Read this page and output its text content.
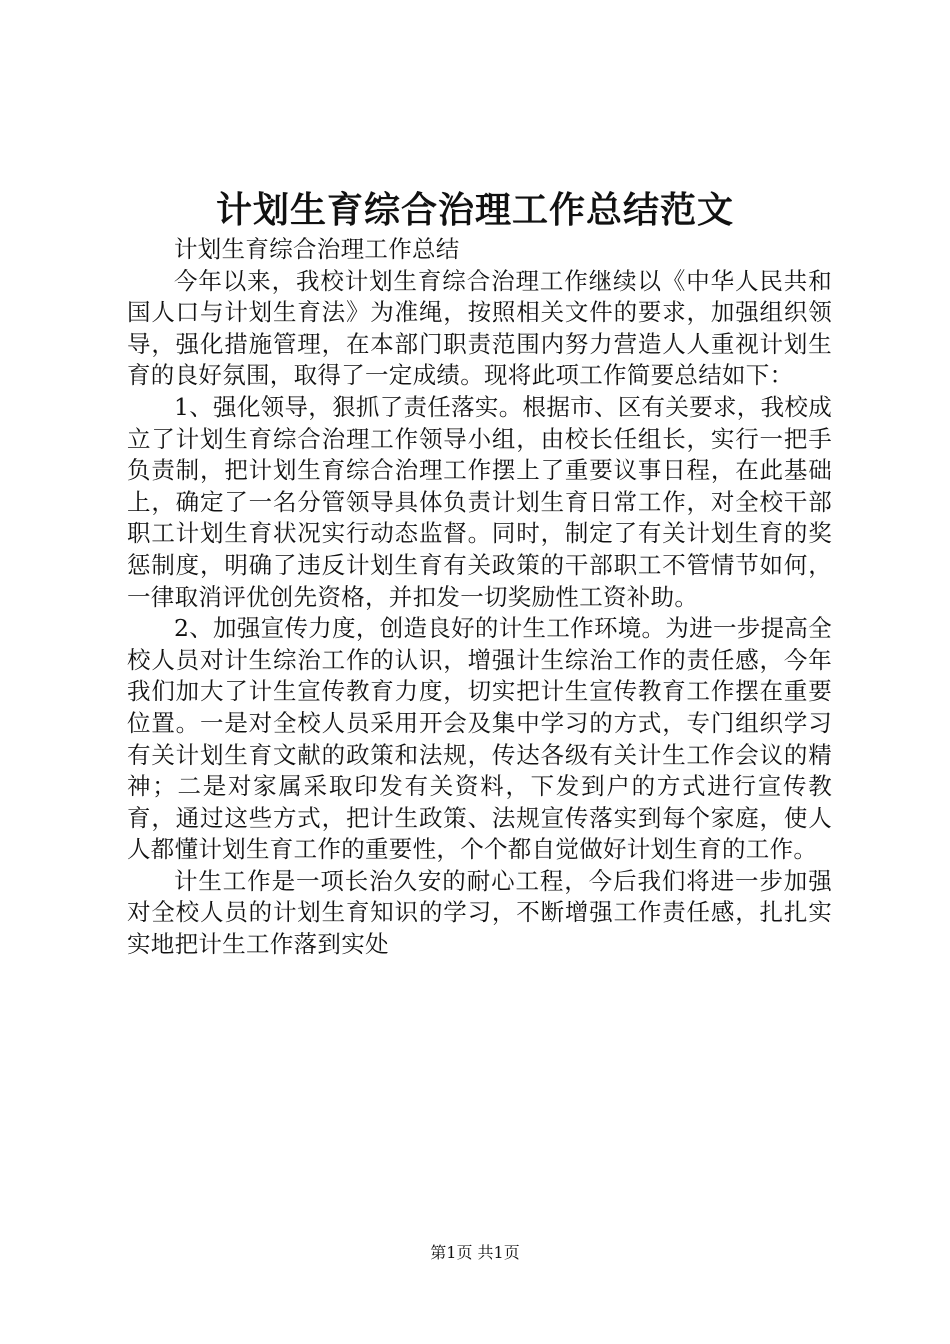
计划生育综合治理工作总结范文

计划生育综合治理工作总结

今年以来，我校计划生育综合治理工作继续以《中华人民共和国人口与计划生育法》为准绳，按照相关文件的要求，加强组织领导，强化措施管理，在本部门职责范围内努力营造人人重视计划生育的良好氛围，取得了一定成绩。现将此项工作简要总结如下：

1、强化领导，狠抓了责任落实。根据市、区有关要求，我校成立了计划生育综合治理工作领导小组，由校长任组长，实行一把手负责制，把计划生育综合治理工作摆上了重要议事日程，在此基础上，确定了一名分管领导具体负责计划生育日常工作，对全校干部职工计划生育状况实行动态监督。同时，制定了有关计划生育的奖惩制度，明确了违反计划生育有关政策的干部职工不管情节如何，一律取消评优创先资格，并扣发一切奖励性工资补助。

2、加强宣传力度，创造良好的计生工作环境。为进一步提高全校人员对计生综治工作的认识，增强计生综治工作的责任感，今年我们加大了计生宣传教育力度，切实把计生宣传教育工作摆在重要位置。一是对全校人员采用开会及集中学习的方式，专门组织学习有关计划生育文献的政策和法规，传达各级有关计生工作会议的精神；二是对家属采取印发有关资料，下发到户的方式进行宣传教育，通过这些方式，把计生政策、法规宣传落实到每个家庭，使人人都懂计划生育工作的重要性，个个都自觉做好计划生育的工作。

计生工作是一项长治久安的耐心工程，今后我们将进一步加强对全校人员的计划生育知识的学习，不断增强工作责任感，扎扎实实地把计生工作落到实处

第1页 共1页
